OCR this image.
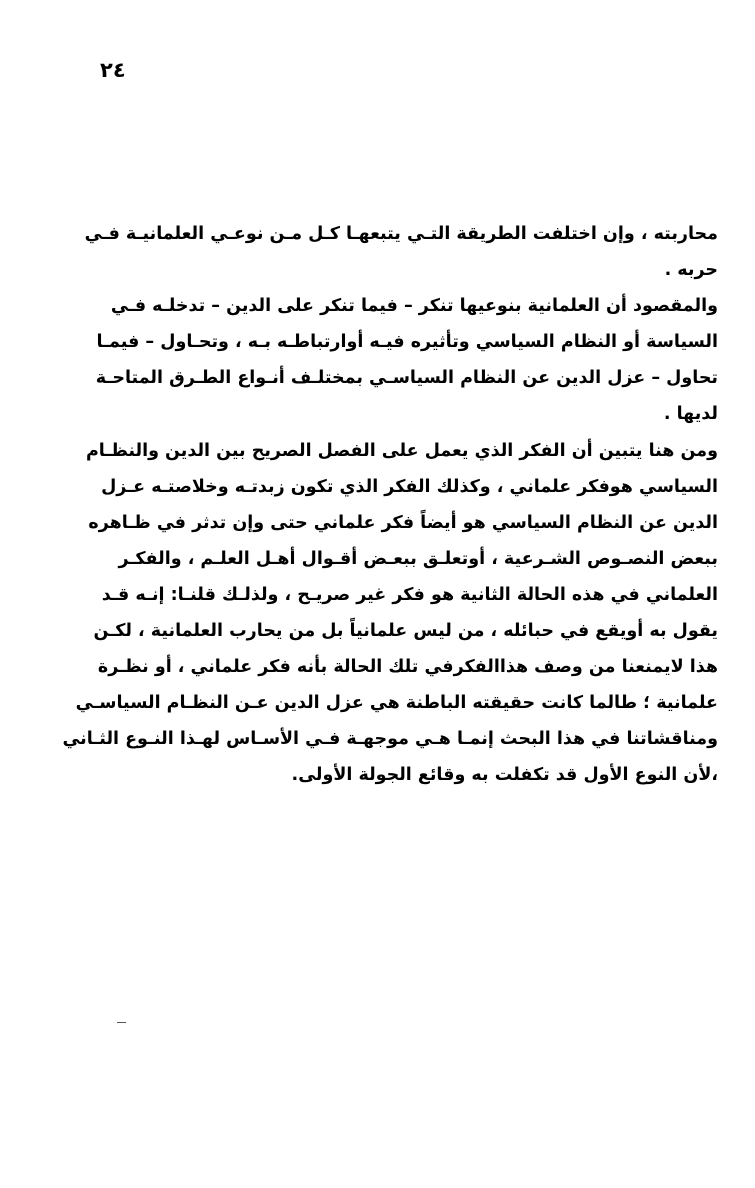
٢٤
محاربته ، وإن اختلفت الطريقة التـي يتبعهـا كـل مـن نوعـي العلمانيـة فـي
حربه .
والمقصود أن العلمانية بنوعيها تنكر – فيما تنكر على الدين – تدخلـه فـي
السياسة أو النظام السياسي وتأثيره فيـه أوارتباطـه بـه ، وتحـاول – فيمـا
تحاول – عزل الدين عن النظام السياسـي بمختلـف أنـواع الطـرق المتاحـة
لديها .
ومن هنا يتبين أن الفكر الذي يعمل على الفصل الصريح بين الدين والنظـام
السياسي هوفكر علماني ، وكذلك الفكر الذي تكون زبدتـه وخلاصتـه عـزل
الدين عن النظام السياسي هو أيضاً فكر علماني حتى وإن تدثر في ظـاهره
ببعض النصـوص الشـرعية ، أوتعلـق ببعـض أقـوال أهـل العلـم ، والفكـر
العلماني في هذه الحالة الثانية هو فكر غير صريـح ، ولذلـك قلنـا: إنـه قـد
يقول به أويقع في حبائله ، من ليس علمانياً بل من يحارب العلمانية ، لكـن
هذا لايمنعنا من وصف هذاالفكرفي تلك الحالة بأنه فكر علماني ، أو نظـرة
علمانية ؛ طالما كانت حقيقته الباطنة هي عزل الدين عـن النظـام السياسـي
ومناقشاتنا في هذا البحث إنمـا هـي موجهـة فـي الأسـاس لهـذا النـوع الثـاني
،لأن النوع الأول قد تكفلت به وقائع الجولة الأولى.
